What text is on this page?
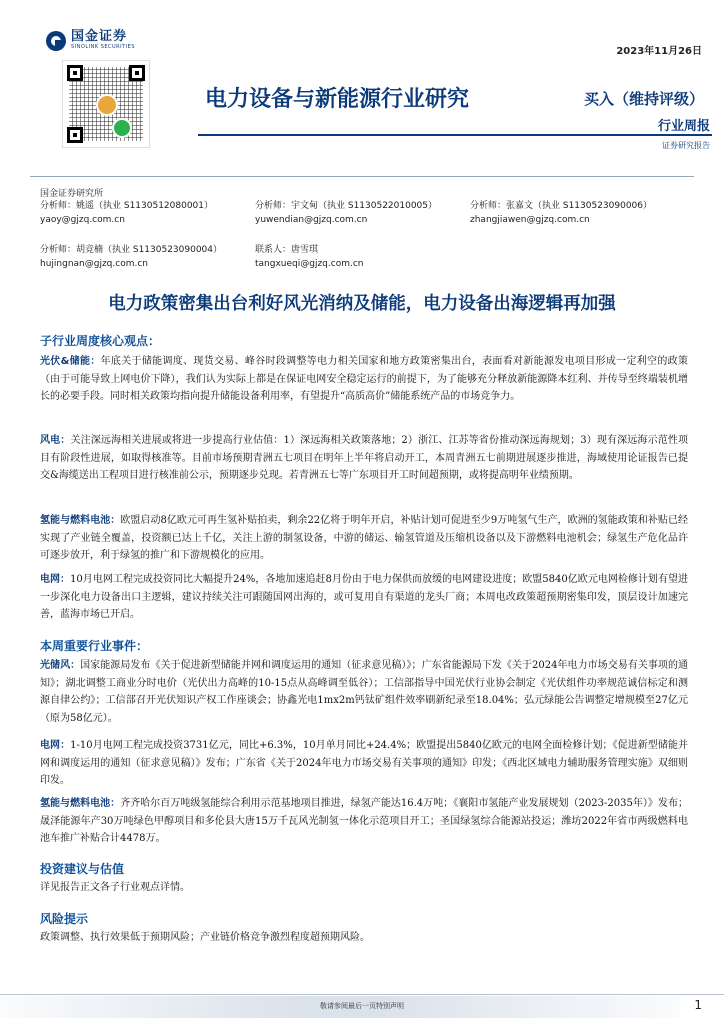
国金证券
SINOLINK SECURITIES	2023年11月26日
电力设备与新能源行业研究	买入（维持评级）
行业周报
证券研究报告
国金证券研究所
分析师：姚遥（执业 S1130512080001）
yaoy@gjzq.com.cn
分析师：宇文甸（执业 S1130522010005）
yuwendian@gjzq.com.cn
分析师：张嘉文（执业 S1130523090006）
zhangjiawen@gjzq.com.cn
分析师：胡竞楠（执业 S1130523090004）
hujingnan@gjzq.com.cn
联系人：唐雪琪
tangxueqi@gjzq.com.cn
电力政策密集出台利好风光消纳及储能，电力设备出海逻辑再加强
子行业周度核心观点：
光伏&储能：年底关于储能调度、现货交易、峰谷时段调整等电力相关国家和地方政策密集出台，表面看对新能源发电项目形成一定利空的政策（由于可能导致上网电价下降），我们认为实际上都是在保证电网安全稳定运行的前提下，为了能够充分释放新能源降本红利、并传导至终端装机增长的必要手段。同时相关政策均指向提升储能设备利用率，有望提升“高质高价”储能系统产品的市场竞争力。
风电：关注深远海相关进展或将进一步提高行业估值：1）深远海相关政策落地；2）浙江、江苏等省份推动深远海规划；3）现有深远海示范性项目有阶段性进展，如取得核准等。目前市场预期青洲五七项目在明年上半年将启动开工，本周青洲五七前期进展逐步推进，海域使用论证报告已提交&海缆送出工程项目进行核准前公示，预期逐步兑现。若青洲五七等广东项目开工时间超预期，或将提高明年业绩预期。
氢能与燃料电池：欧盟启动8亿欧元可再生氢补贴拍卖，剩余22亿将于明年开启，补贴计划可促进至少9万吨氢气生产，欧洲的氢能政策和补贴已经实现了产业链全覆盖，投资额已达上千亿，关注上游的制氢设备，中游的储运、输氢管道及压缩机设备以及下游燃料电池机会；绿氢生产危化品许可逐步放开，利于绿氢的推广和下游规模化的应用。
电网：10月电网工程完成投资同比大幅提升24%，各地加速追赶8月份由于电力保供而放缓的电网建设进度；欧盟5840亿欧元电网检修计划有望进一步深化电力设备出口主逻辑，建议持续关注可跟随国网出海的，或可复用自有渠道的龙头厂商；本周电改政策超预期密集印发，顶层设计加速完善，蓝海市场已开启。
本周重要行业事件：
光储风：国家能源局发布《关于促进新型储能并网和调度运用的通知（征求意见稿）》；广东省能源局下发《关于2024年电力市场交易有关事项的通知》；湖北调整工商业分时电价（光伏出力高峰的10-15点从高峰调至低谷）；工信部指导中国光伏行业协会制定《光伏组件功率规范诚信标定和测源自律公约》；工信部召开光伏知识产权工作座谈会；协鑫光电1mx2m钙钛矿组件效率刷新纪录至18.04%；弘元绿能公告调整定增规模至27亿元（原为58亿元）。
电网：1-10月电网工程完成投资3731亿元，同比+6.3%，10月单月同比+24.4%；欧盟提出5840亿欧元的电网全面检修计划；《促进新型储能并网和调度运用的通知（征求意见稿）》发布；广东省《关于2024年电力市场交易有关事项的通知》印发；《西北区域电力辅助服务管理实施》双细则印发。
氢能与燃料电池：齐齐哈尔百万吨级氢能综合利用示范基地项目推进，绿氢产能达16.4万吨；《襄阳市氢能产业发展规划（2023-2035年）》发布；晟泽能源年产30万吨绿色甲醇项目和多伦县大唐15万千瓦风光制氢一体化示范项目开工；圣国绿氢综合能源站投运；潍坊2022年省市两级燃料电池车推广补贴合计4478万。
投资建议与估值
详见报告正文各子行业观点详情。
风险提示
政策调整、执行效果低于预期风险；产业链价格竞争激烈程度超预期风险。
敬请参阅最后一页特别声明	1
